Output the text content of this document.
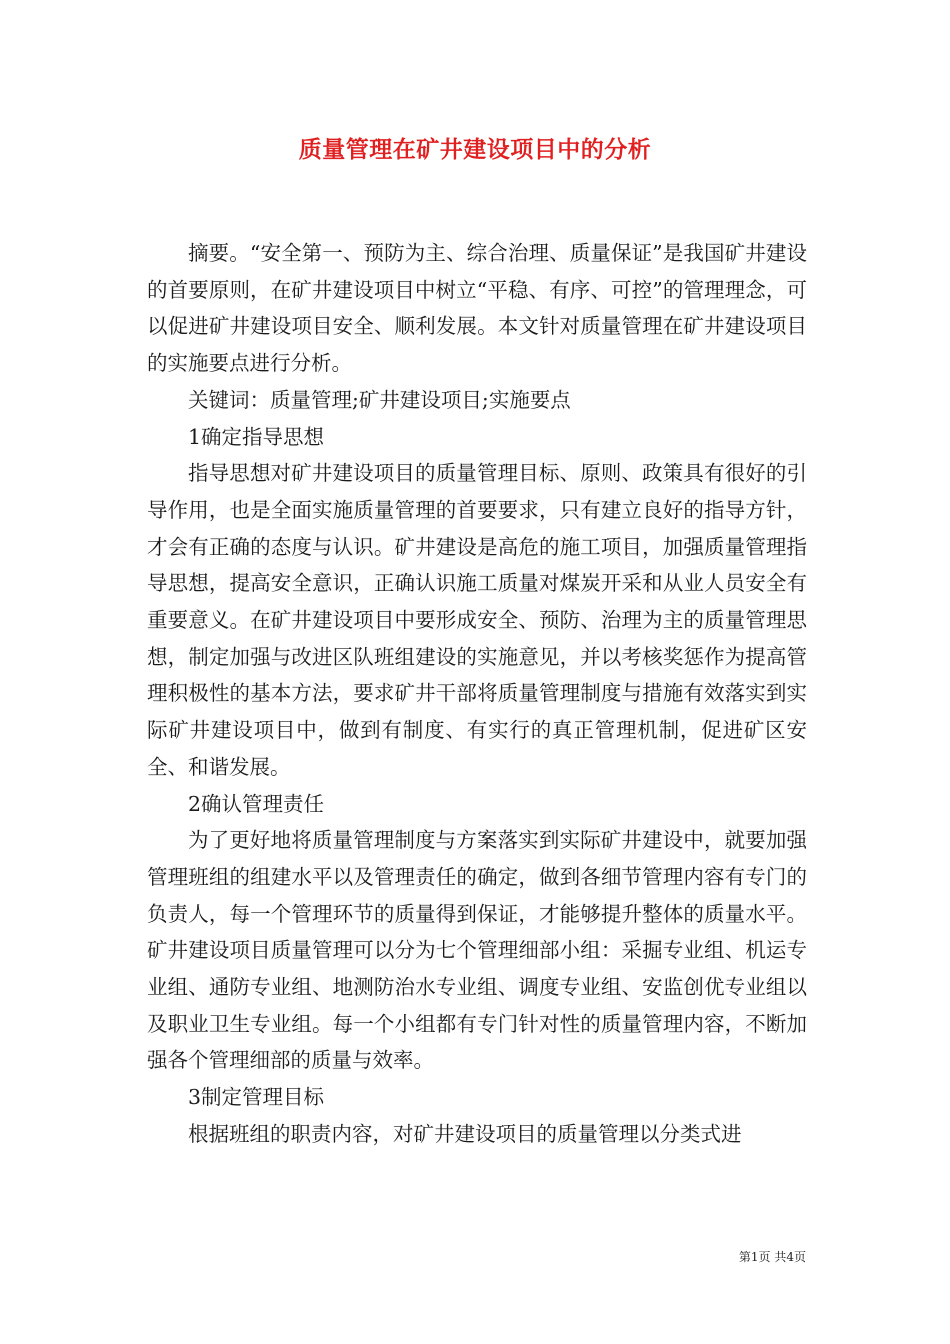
质量管理在矿井建设项目中的分析

摘要。“安全第一、预防为主、综合治理、质量保证”是我国矿井建设的首要原则，在矿井建设项目中树立“平稳、有序、可控”的管理理念，可以促进矿井建设项目安全、顺利发展。本文针对质量管理在矿井建设项目的实施要点进行分析。

关键词：质量管理;矿井建设项目;实施要点

1确定指导思想

指导思想对矿井建设项目的质量管理目标、原则、政策具有很好的引导作用，也是全面实施质量管理的首要要求，只有建立良好的指导方针，才会有正确的态度与认识。矿井建设是高危的施工项目，加强质量管理指导思想，提高安全意识，正确认识施工质量对煤炭开采和从业人员安全有重要意义。在矿井建设项目中要形成安全、预防、治理为主的质量管理思想，制定加强与改进区队班组建设的实施意见，并以考核奖惩作为提高管理积极性的基本方法，要求矿井干部将质量管理制度与措施有效落实到实际矿井建设项目中，做到有制度、有实行的真正管理机制，促进矿区安全、和谐发展。

2确认管理责任

为了更好地将质量管理制度与方案落实到实际矿井建设中，就要加强管理班组的组建水平以及管理责任的确定，做到各细节管理内容有专门的负责人，每一个管理环节的质量得到保证，才能够提升整体的质量水平。矿井建设项目质量管理可以分为七个管理细部小组：采掘专业组、机运专业组、通防专业组、地测防治水专业组、调度专业组、安监创优专业组以及职业卫生专业组。每一个小组都有专门针对性的质量管理内容，不断加强各个管理细部的质量与效率。

3制定管理目标

根据班组的职责内容，对矿井建设项目的质量管理以分类式进

第1页 共4页
